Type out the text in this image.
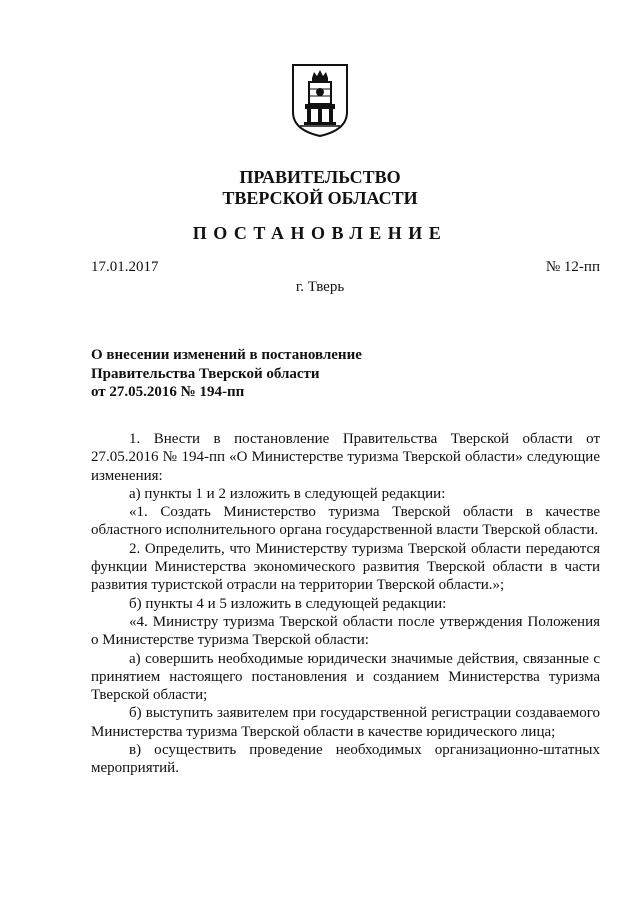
ПРАВИТЕЛЬСТВО
ТВЕРСКОЙ ОБЛАСТИ
ПОСТАНОВЛЕНИЕ
17.01.2017	№ 12-пп
г. Тверь
О внесении изменений в постановление
Правительства Тверской области
от 27.05.2016 № 194-пп

1. Внести в постановление Правительства Тверской области от 27.05.2016 № 194-пп «О Министерстве туризма Тверской области» следующие изменения:

а) пункты 1 и 2 изложить в следующей редакции:

«1. Создать Министерство туризма Тверской области в качестве областного исполнительного органа государственной власти Тверской области.

2. Определить, что Министерству туризма Тверской области передаются функции Министерства экономического развития Тверской области в части развития туристской отрасли на территории Тверской области.»;

б) пункты 4 и 5 изложить в следующей редакции:

«4. Министру туризма Тверской области после утверждения Положения о Министерстве туризма Тверской области:

а) совершить необходимые юридически значимые действия, связанные с принятием настоящего постановления и созданием Министерства туризма Тверской области;

б) выступить заявителем при государственной регистрации создаваемого Министерства туризма Тверской области в качестве юридического лица;

в) осуществить проведение необходимых организационно-штатных мероприятий.
